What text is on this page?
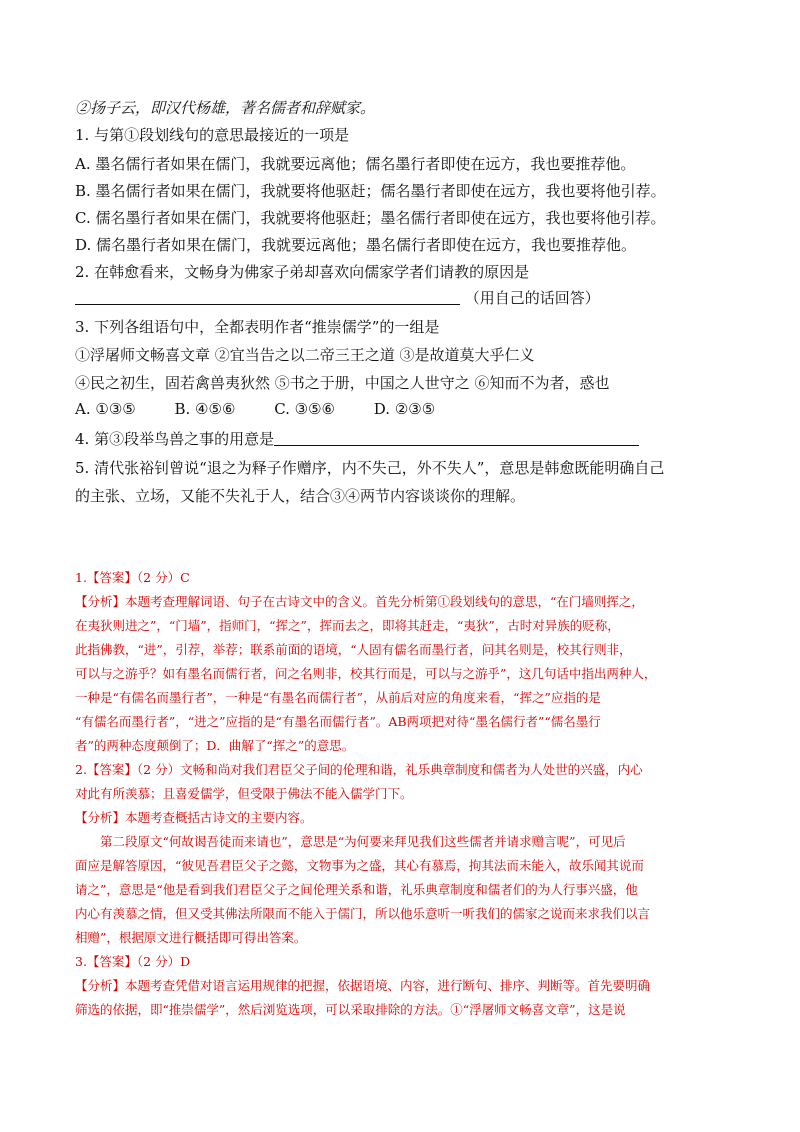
②扬子云，即汉代杨雄，著名儒者和辞赋家。
1. 与第①段划线句的意思最接近的一项是
A. 墨名儒行者如果在儒门，我就要远离他；儒名墨行者即使在远方，我也要推荐他。
B. 墨名儒行者如果在儒门，我就要将他驱赶；儒名墨行者即使在远方，我也要将他引荐。
C. 儒名墨行者如果在儒门，我就要将他驱赶；墨名儒行者即使在远方，我也要将他引荐。
D. 儒名墨行者如果在儒门，我就要远离他；墨名儒行者即使在远方，我也要推荐他。
2. 在韩愈看来，文畅身为佛家子弟却喜欢向儒家学者们请教的原因是
（用自己的话回答）
3. 下列各组语句中，全都表明作者“推崇儒学”的一组是
①浮屠师文畅喜文章 ②宜当告之以二帝三王之道 ③是故道莫大乎仁义
④民之初生，固若禽兽夷狄然 ⑤书之于册，中国之人世守之 ⑥知而不为者，惑也
A. ①③⑤	B. ④⑤⑥	C. ③⑤⑥	D. ②③⑤
4. 第③段举鸟兽之事的用意是
5. 清代张裕钊曾说“退之为释子作赠序，内不失己，外不失人”，意思是韩愈既能明确自己
的主张、立场，又能不失礼于人，结合③④两节内容谈谈你的理解。
1.【答案】（2 分）C
【分析】本题考查理解词语、句子在古诗文中的含义。首先分析第①段划线句的意思，“在门墙则挥之，
在夷狄则进之”，“门墙”，指师门，“挥之”，挥而去之，即将其赶走，“夷狄”，古时对异族的贬称，
此指佛教，“进”，引荐，举荐；联系前面的语境，“人固有儒名而墨行者，问其名则是，校其行则非，
可以与之游乎？如有墨名而儒行者，问之名则非，校其行而是，可以与之游乎”，这几句话中指出两种人，
一种是“有儒名而墨行者”，一种是“有墨名而儒行者”，从前后对应的角度来看，“挥之”应指的是
“有儒名而墨行者”，“进之”应指的是“有墨名而儒行者”。AB两项把对待“墨名儒行者”“儒名墨行
者”的两种态度颠倒了；D．曲解了“挥之”的意思。
2.【答案】（2 分）文畅和尚对我们君臣父子间的伦理和谐，礼乐典章制度和儒者为人处世的兴盛，内心
对此有所羡慕；且喜爱儒学，但受限于佛法不能入儒学门下。
【分析】本题考查概括古诗文的主要内容。
第二段原文“何故谒吾徒而来请也”，意思是“为何要来拜见我们这些儒者并请求赠言呢”，可见后
面应是解答原因，“彼见吾君臣父子之懿，文物事为之盛，其心有慕焉，拘其法而未能入，故乐闻其说而
请之”，意思是“他是看到我们君臣父子之间伦理关系和谐，礼乐典章制度和儒者们的为人行事兴盛，他
内心有羡慕之情，但又受其佛法所限而不能入于儒门，所以他乐意听一听我们的儒家之说而来求我们以言
相赠”，根据原文进行概括即可得出答案。
3.【答案】（2 分）D
【分析】本题考查凭借对语言运用规律的把握，依据语境、内容，进行断句、排序、判断等。首先要明确
筛选的依据，即“推崇儒学”，然后浏览选项，可以采取排除的方法。①“浮屠师文畅喜文章”，这是说
